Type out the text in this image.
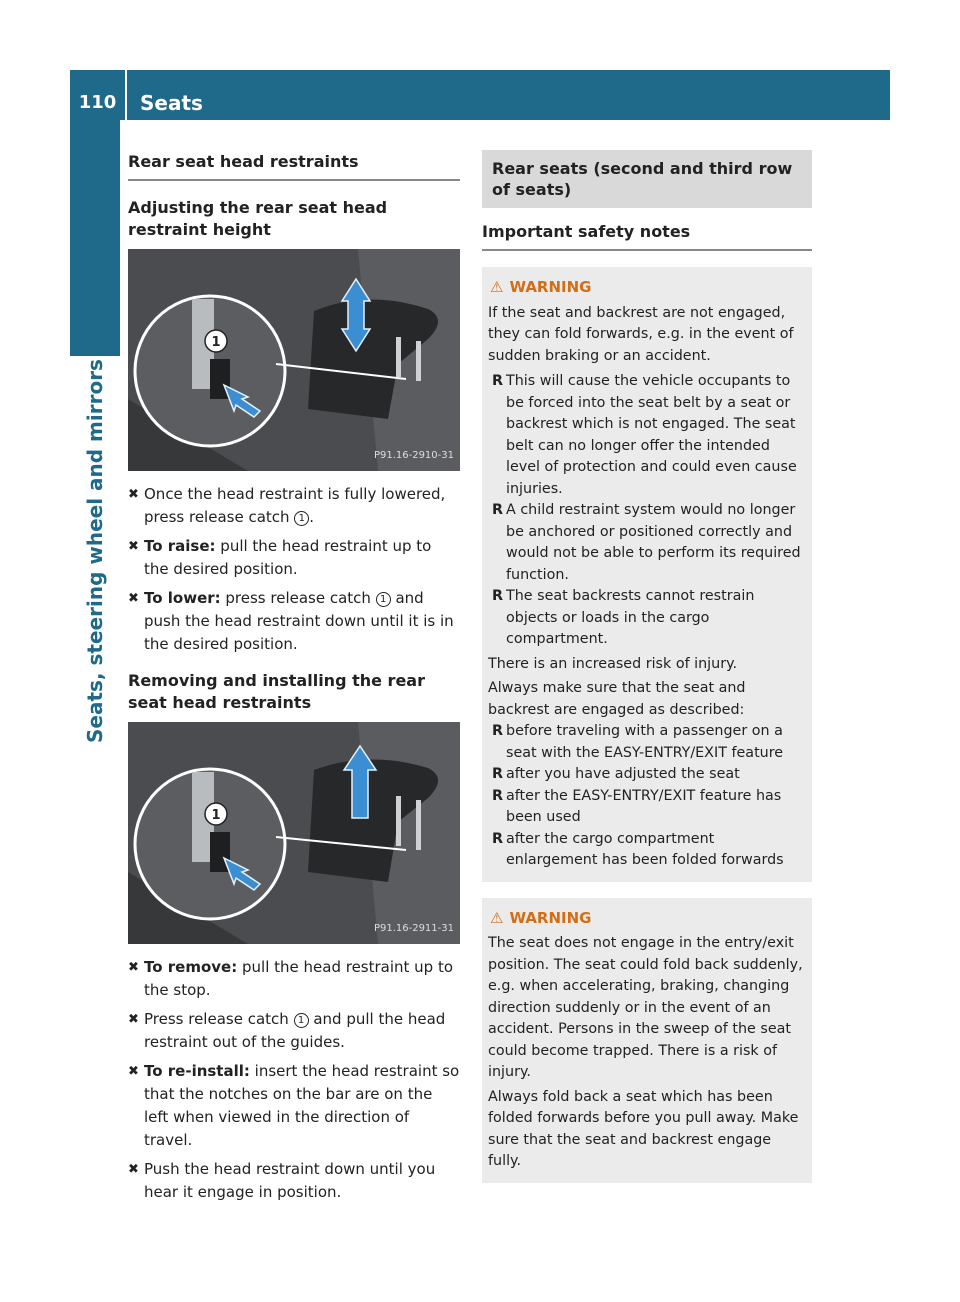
110	Seats
Seats, steering wheel and mirrors
Rear seat head restraints
Adjusting the rear seat head restraint height
1
P91.16-2910-31
✖ Once the head restraint is fully lowered, press release catch 1 .
✖ To raise: pull the head restraint up to the desired position.
✖ To lower: press release catch 1 and push the head restraint down until it is in the desired position.
Removing and installing the rear seat head restraints
1
P91.16-2911-31
✖ To remove: pull the head restraint up to the stop.
✖ Press release catch 1 and pull the head restraint out of the guides.
✖ To re-install: insert the head restraint so that the notches on the bar are on the left when viewed in the direction of travel.
✖ Push the head restraint down until you hear it engage in position.
Rear seats (second and third row of seats)
Important safety notes
⚠ WARNING

If the seat and backrest are not engaged, they can fold forwards, e.g. in the event of sudden braking or an accident.

R This will cause the vehicle occupants to be forced into the seat belt by a seat or backrest which is not engaged. The seat belt can no longer offer the intended level of protection and could even cause injuries.
R A child restraint system would no longer be anchored or positioned correctly and would not be able to perform its required function.
R The seat backrests cannot restrain objects or loads in the cargo compartment.

There is an increased risk of injury.

Always make sure that the seat and backrest are engaged as described:

R before traveling with a passenger on a seat with the EASY-ENTRY/EXIT feature
R after you have adjusted the seat
R after the EASY-ENTRY/EXIT feature has been used
R after the cargo compartment enlargement has been folded forwards
⚠ WARNING

The seat does not engage in the entry/exit position. The seat could fold back suddenly, e.g. when accelerating, braking, changing direction suddenly or in the event of an accident. Persons in the sweep of the seat could become trapped. There is a risk of injury.

Always fold back a seat which has been folded forwards before you pull away. Make sure that the seat and backrest engage fully.
